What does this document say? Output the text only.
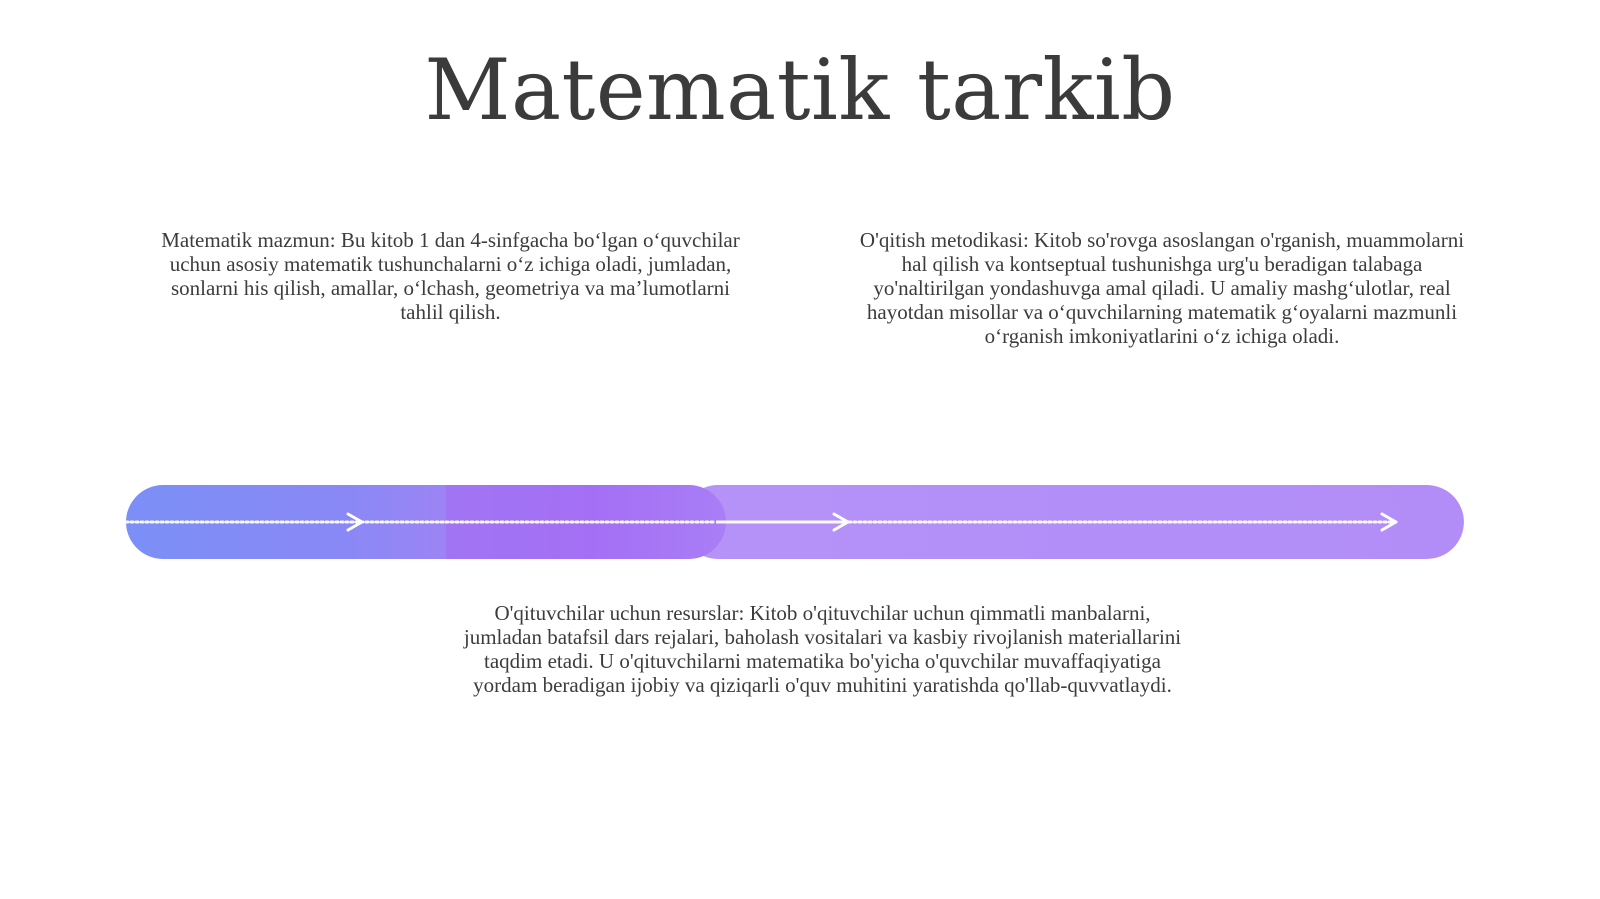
Matematik tarkib

Matematik mazmun: Bu kitob 1 dan 4-sinfgacha bo‘lgan o‘quvchilar uchun asosiy matematik tushunchalarni o‘z ichiga oladi, jumladan, sonlarni his qilish, amallar, o‘lchash, geometriya va ma’lumotlarni tahlil qilish.

O'qitish metodikasi: Kitob so'rovga asoslangan o'rganish, muammolarni hal qilish va kontseptual tushunishga urg'u beradigan talabaga yo'naltirilgan yondashuvga amal qiladi. U amaliy mashg‘ulotlar, real hayotdan misollar va o‘quvchilarning matematik g‘oyalarni mazmunli o‘rganish imkoniyatlarini o‘z ichiga oladi.

O'qituvchilar uchun resurslar: Kitob o'qituvchilar uchun qimmatli manbalarni, jumladan batafsil dars rejalari, baholash vositalari va kasbiy rivojlanish materiallarini taqdim etadi. U o'qituvchilarni matematika bo'yicha o'quvchilar muvaffaqiyatiga yordam beradigan ijobiy va qiziqarli o'quv muhitini yaratishda qo'llab-quvvatlaydi.
